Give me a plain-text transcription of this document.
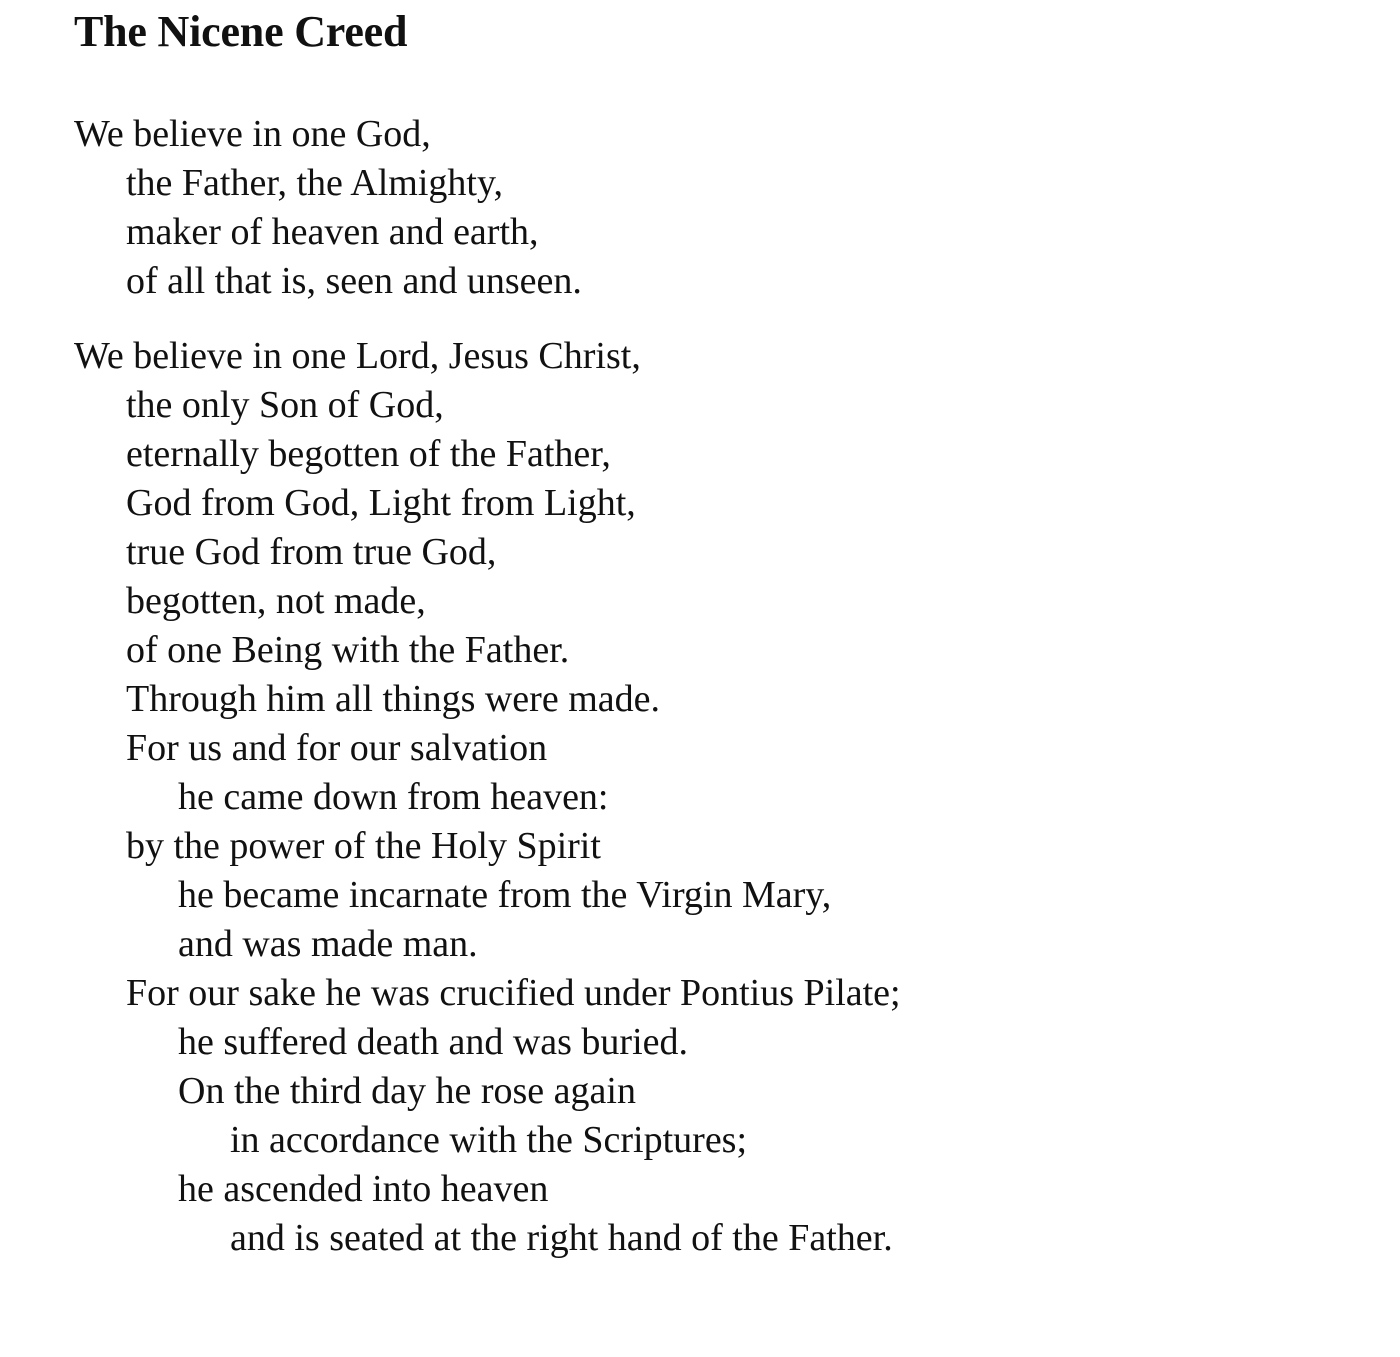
The Nicene Creed

We believe in one God,
the Father, the Almighty,
maker of heaven and earth,
of all that is, seen and unseen.

We believe in one Lord, Jesus Christ,
the only Son of God,
eternally begotten of the Father,
God from God, Light from Light,
true God from true God,
begotten, not made,
of one Being with the Father.
Through him all things were made.
For us and for our salvation
he came down from heaven:
by the power of the Holy Spirit
he became incarnate from the Virgin Mary,
and was made man.
For our sake he was crucified under Pontius Pilate;
he suffered death and was buried.
On the third day he rose again
in accordance with the Scriptures;
he ascended into heaven
and is seated at the right hand of the Father.
